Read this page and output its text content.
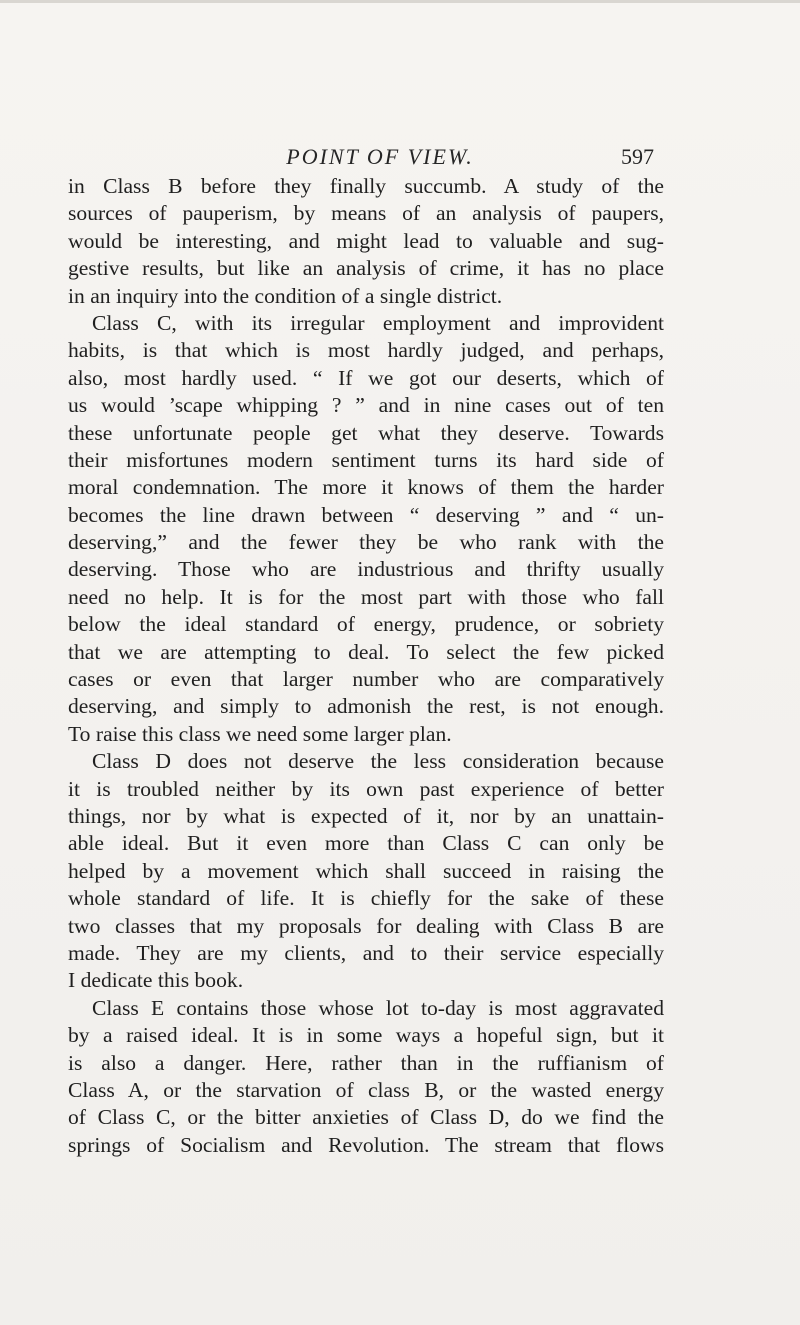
POINT OF VIEW.	597
in Class B before they finally succumb. A study of the
sources of pauperism, by means of an analysis of paupers,
would be interesting, and might lead to valuable and sug-
gestive results, but like an analysis of crime, it has no place
in an inquiry into the condition of a single district.
Class C, with its irregular employment and improvident
habits, is that which is most hardly judged, and perhaps,
also, most hardly used. “ If we got our deserts, which of
us would ’scape whipping ? ” and in nine cases out of ten
these unfortunate people get what they deserve. Towards
their misfortunes modern sentiment turns its hard side of
moral condemnation. The more it knows of them the harder
becomes the line drawn between “ deserving ” and “ un-
deserving,” and the fewer they be who rank with the
deserving. Those who are industrious and thrifty usually
need no help. It is for the most part with those who fall
below the ideal standard of energy, prudence, or sobriety
that we are attempting to deal. To select the few picked
cases or even that larger number who are comparatively
deserving, and simply to admonish the rest, is not enough.
To raise this class we need some larger plan.
Class D does not deserve the less consideration because
it is troubled neither by its own past experience of better
things, nor by what is expected of it, nor by an unattain-
able ideal. But it even more than Class C can only be
helped by a movement which shall succeed in raising the
whole standard of life. It is chiefly for the sake of these
two classes that my proposals for dealing with Class B are
made. They are my clients, and to their service especially
I dedicate this book.
Class E contains those whose lot to-day is most aggravated
by a raised ideal. It is in some ways a hopeful sign, but it
is also a danger. Here, rather than in the ruffianism of
Class A, or the starvation of class B, or the wasted energy
of Class C, or the bitter anxieties of Class D, do we find the
springs of Socialism and Revolution. The stream that flows
